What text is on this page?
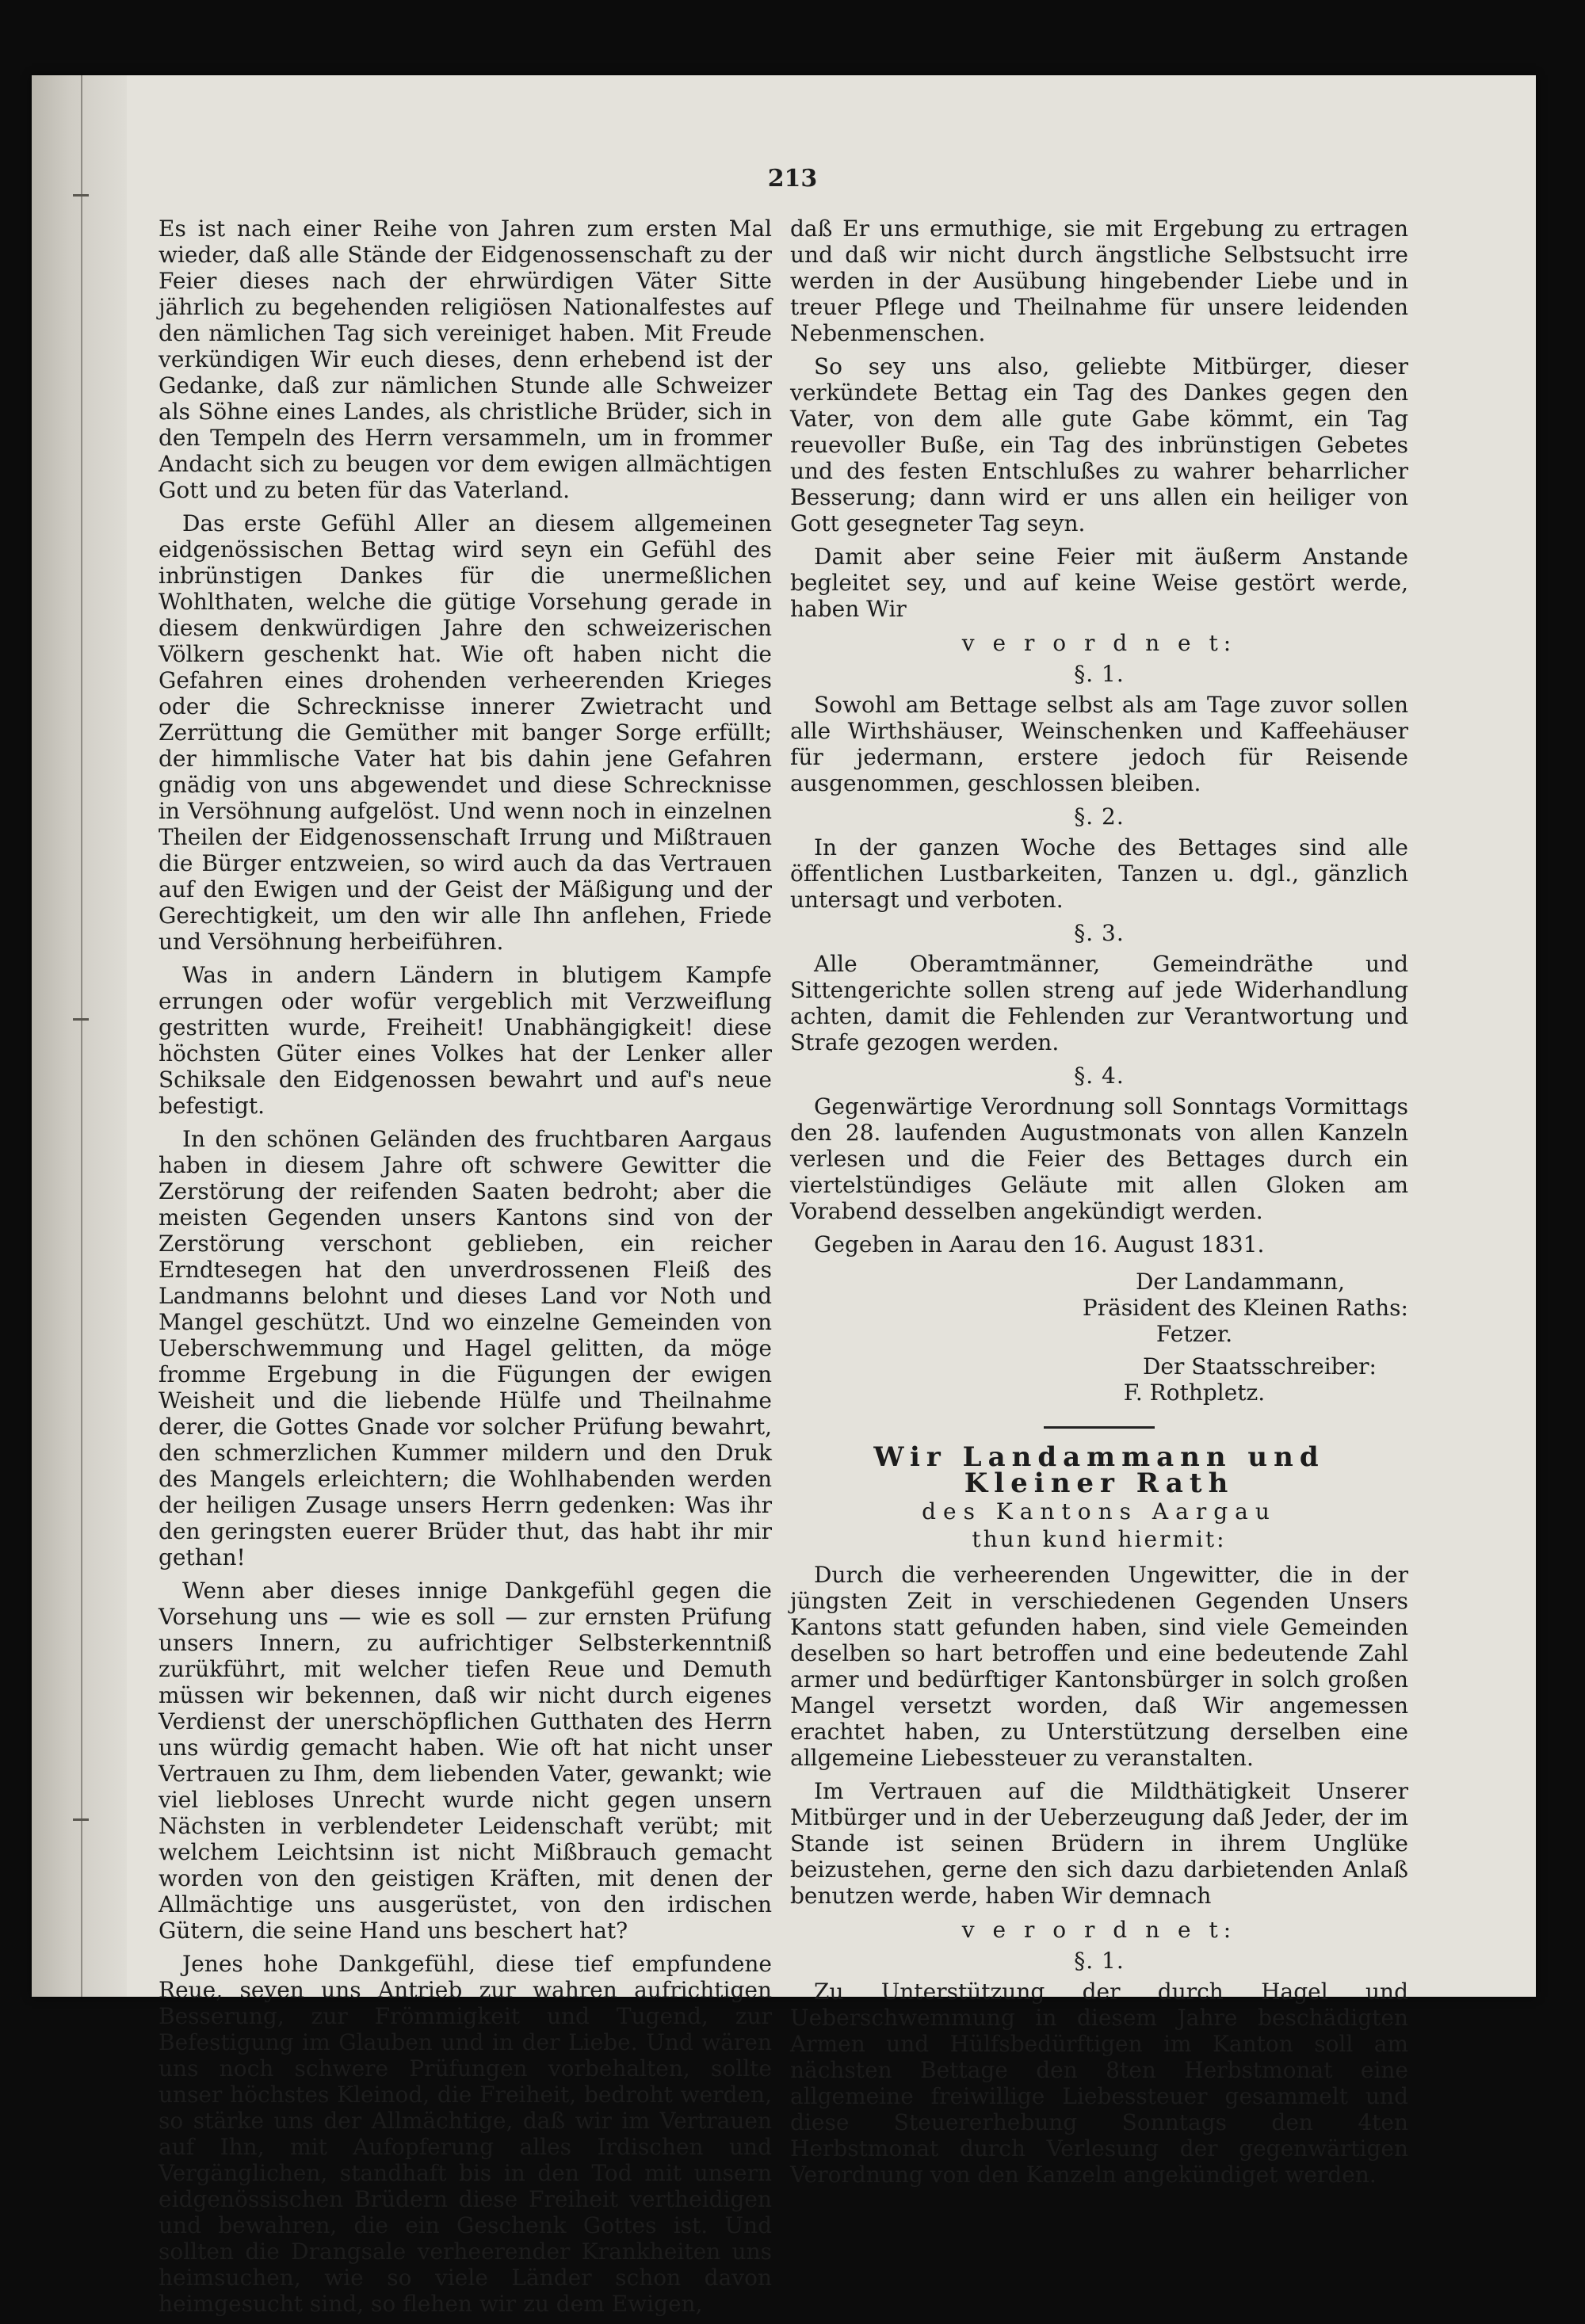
213

Es ist nach einer Reihe von Jahren zum ersten Mal wieder, daß alle Stände der Eidgenossenschaft zu der Feier dieses nach der ehrwürdigen Väter Sitte jährlich zu begehenden religiösen Nationalfestes auf den nämlichen Tag sich vereiniget haben. Mit Freude verkündigen Wir euch dieses, denn erhebend ist der Gedanke, daß zur nämlichen Stunde alle Schweizer als Söhne eines Landes, als christliche Brüder, sich in den Tempeln des Herrn versammeln, um in frommer Andacht sich zu beugen vor dem ewigen allmächtigen Gott und zu beten für das Vaterland.

Das erste Gefühl Aller an diesem allgemeinen eidgenössischen Bettag wird seyn ein Gefühl des inbrünstigen Dankes für die unermeßlichen Wohlthaten, welche die gütige Vorsehung gerade in diesem denkwürdigen Jahre den schweizerischen Völkern geschenkt hat. Wie oft haben nicht die Gefahren eines drohenden verheerenden Krieges oder die Schrecknisse innerer Zwietracht und Zerrüttung die Gemüther mit banger Sorge erfüllt; der himmlische Vater hat bis dahin jene Gefahren gnädig von uns abgewendet und diese Schrecknisse in Versöhnung aufgelöst. Und wenn noch in einzelnen Theilen der Eidgenossenschaft Irrung und Mißtrauen die Bürger entzweien, so wird auch da das Vertrauen auf den Ewigen und der Geist der Mäßigung und der Gerechtigkeit, um den wir alle Ihn anflehen, Friede und Versöhnung herbeiführen.

Was in andern Ländern in blutigem Kampfe errungen oder wofür vergeblich mit Verzweiflung gestritten wurde, Freiheit! Unabhängigkeit! diese höchsten Güter eines Volkes hat der Lenker aller Schiksale den Eidgenossen bewahrt und auf's neue befestigt.

In den schönen Geländen des fruchtbaren Aargaus haben in diesem Jahre oft schwere Gewitter die Zerstörung der reifenden Saaten bedroht; aber die meisten Gegenden unsers Kantons sind von der Zerstörung verschont geblieben, ein reicher Erndtesegen hat den unverdrossenen Fleiß des Landmanns belohnt und dieses Land vor Noth und Mangel geschützt. Und wo einzelne Gemeinden von Ueberschwemmung und Hagel gelitten, da möge fromme Ergebung in die Fügungen der ewigen Weisheit und die liebende Hülfe und Theilnahme derer, die Gottes Gnade vor solcher Prüfung bewahrt, den schmerzlichen Kummer mildern und den Druk des Mangels erleichtern; die Wohlhabenden werden der heiligen Zusage unsers Herrn gedenken: Was ihr den geringsten euerer Brüder thut, das habt ihr mir gethan!

Wenn aber dieses innige Dankgefühl gegen die Vorsehung uns — wie es soll — zur ernsten Prüfung unsers Innern, zu aufrichtiger Selbsterkenntniß zurükführt, mit welcher tiefen Reue und Demuth müssen wir bekennen, daß wir nicht durch eigenes Verdienst der unerschöpflichen Gutthaten des Herrn uns würdig gemacht haben. Wie oft hat nicht unser Vertrauen zu Ihm, dem liebenden Vater, gewankt; wie viel liebloses Unrecht wurde nicht gegen unsern Nächsten in verblendeter Leidenschaft verübt; mit welchem Leichtsinn ist nicht Mißbrauch gemacht worden von den geistigen Kräften, mit denen der Allmächtige uns ausgerüstet, von den irdischen Gütern, die seine Hand uns beschert hat?

Jenes hohe Dankgefühl, diese tief empfundene Reue, seyen uns Antrieb zur wahren aufrichtigen Besserung, zur Frömmigkeit und Tugend, zur Befestigung im Glauben und in der Liebe. Und wären uns noch schwere Prüfungen vorbehalten, sollte unser höchstes Kleinod, die Freiheit, bedroht werden, so stärke uns der Allmächtige, daß wir im Vertrauen auf Ihn, mit Aufopferung alles Irdischen und Vergänglichen, standhaft bis in den Tod mit unsern eidgenössischen Brüdern diese Freiheit vertheidigen und bewahren, die ein Geschenk Gottes ist. Und sollten die Drangsale verheerender Krankheiten uns heimsuchen, wie so viele Länder schon davon heimgesucht sind, so flehen wir zu dem Ewigen,

daß Er uns ermuthige, sie mit Ergebung zu ertragen und daß wir nicht durch ängstliche Selbstsucht irre werden in der Ausübung hingebender Liebe und in treuer Pflege und Theilnahme für unsere leidenden Nebenmenschen.

So sey uns also, geliebte Mitbürger, dieser verkündete Bettag ein Tag des Dankes gegen den Vater, von dem alle gute Gabe kömmt, ein Tag reuevoller Buße, ein Tag des inbrünstigen Gebetes und des festen Entschlußes zu wahrer beharrlicher Besserung; dann wird er uns allen ein heiliger von Gott gesegneter Tag seyn.

Damit aber seine Feier mit äußerm Anstande begleitet sey, und auf keine Weise gestört werde, haben Wir

v e r o r d n e t:
§. 1.

Sowohl am Bettage selbst als am Tage zuvor sollen alle Wirthshäuser, Weinschenken und Kaffeehäuser für jedermann, erstere jedoch für Reisende ausgenommen, geschlossen bleiben.

§. 2.

In der ganzen Woche des Bettages sind alle öffentlichen Lustbarkeiten, Tanzen u. dgl., gänzlich untersagt und verboten.

§. 3.

Alle Oberamtmänner, Gemeindräthe und Sittengerichte sollen streng auf jede Widerhandlung achten, damit die Fehlenden zur Verantwortung und Strafe gezogen werden.

§. 4.

Gegenwärtige Verordnung soll Sonntags Vormittags den 28. laufenden Augustmonats von allen Kanzeln verlesen und die Feier des Bettages durch ein viertelstündiges Geläute mit allen Gloken am Vorabend desselben angekündigt werden.

Gegeben in Aarau den 16. August 1831.
Der Landammann,
Präsident des Kleinen Raths:
Fetzer.
Der Staatsschreiber:
F. Rothpletz.
Wir Landammann und Kleiner Rath
des Kantons Aargau
thun kund hiermit:

Durch die verheerenden Ungewitter, die in der jüngsten Zeit in verschiedenen Gegenden Unsers Kantons statt gefunden haben, sind viele Gemeinden deselben so hart betroffen und eine bedeutende Zahl armer und bedürftiger Kantonsbürger in solch großen Mangel versetzt worden, daß Wir angemessen erachtet haben, zu Unterstützung derselben eine allgemeine Liebessteuer zu veranstalten.

Im Vertrauen auf die Mildthätigkeit Unserer Mitbürger und in der Ueberzeugung daß Jeder, der im Stande ist seinen Brüdern in ihrem Unglüke beizustehen, gerne den sich dazu darbietenden Anlaß benutzen werde, haben Wir demnach

v e r o r d n e t:
§. 1.

Zu Unterstützung der durch Hagel und Ueberschwemmung in diesem Jahre beschädigten Armen und Hülfsbedürftigen im Kanton soll am nächsten Bettage den 8ten Herbstmonat eine allgemeine freiwillige Liebessteuer gesammelt und diese Steuererhebung Sonntags den 4ten Herbstmonat durch Verlesung der gegenwärtigen Verordnung von den Kanzeln angekündiget werden.
